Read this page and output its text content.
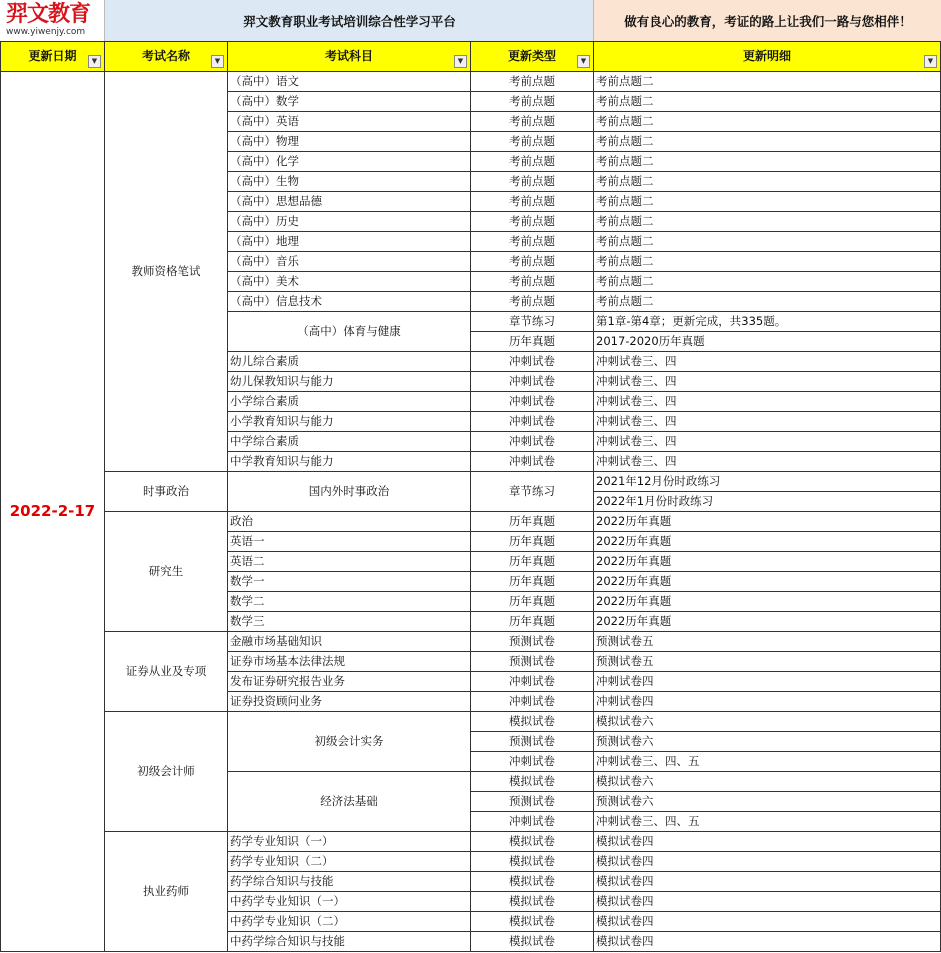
羿文教育
www.yiwenjy.com
羿文教育职业考试培训综合性学习平台	做有良心的教育，考证的路上让我们一路与您相伴！
更新日期 ▼	考试名称 ▼	考试科目 ▼	更新类型 ▼	更新明细 ▼

2022-2-17	教师资格笔试	（高中）语文	考前点题	考前点题二
		（高中）数学	考前点题	考前点题二
		（高中）英语	考前点题	考前点题二
		（高中）物理	考前点题	考前点题二
		（高中）化学	考前点题	考前点题二
		（高中）生物	考前点题	考前点题二
		（高中）思想品德	考前点题	考前点题二
		（高中）历史	考前点题	考前点题二
		（高中）地理	考前点题	考前点题二
		（高中）音乐	考前点题	考前点题二
		（高中）美术	考前点题	考前点题二
		（高中）信息技术	考前点题	考前点题二
		（高中）体育与健康	章节练习	第1章-第4章；更新完成，共335题。
			历年真题	2017-2020历年真题
		幼儿综合素质	冲刺试卷	冲刺试卷三、四
		幼儿保教知识与能力	冲刺试卷	冲刺试卷三、四
		小学综合素质	冲刺试卷	冲刺试卷三、四
		小学教育知识与能力	冲刺试卷	冲刺试卷三、四
		中学综合素质	冲刺试卷	冲刺试卷三、四
		中学教育知识与能力	冲刺试卷	冲刺试卷三、四
	时事政治	国内外时事政治	章节练习	2021年12月份时政练习
				2022年1月份时政练习
	研究生	政治	历年真题	2022历年真题
		英语一	历年真题	2022历年真题
		英语二	历年真题	2022历年真题
		数学一	历年真题	2022历年真题
		数学二	历年真题	2022历年真题
		数学三	历年真题	2022历年真题
	证券从业及专项	金融市场基础知识	预测试卷	预测试卷五
		证券市场基本法律法规	预测试卷	预测试卷五
		发布证券研究报告业务	冲刺试卷	冲刺试卷四
		证券投资顾问业务	冲刺试卷	冲刺试卷四
	初级会计师	初级会计实务	模拟试卷	模拟试卷六
			预测试卷	预测试卷六
			冲刺试卷	冲刺试卷三、四、五
		经济法基础	模拟试卷	模拟试卷六
			预测试卷	预测试卷六
			冲刺试卷	冲刺试卷三、四、五
	执业药师	药学专业知识（一）	模拟试卷	模拟试卷四
		药学专业知识（二）	模拟试卷	模拟试卷四
		药学综合知识与技能	模拟试卷	模拟试卷四
		中药学专业知识（一）	模拟试卷	模拟试卷四
		中药学专业知识（二）	模拟试卷	模拟试卷四
		中药学综合知识与技能	模拟试卷	模拟试卷四
